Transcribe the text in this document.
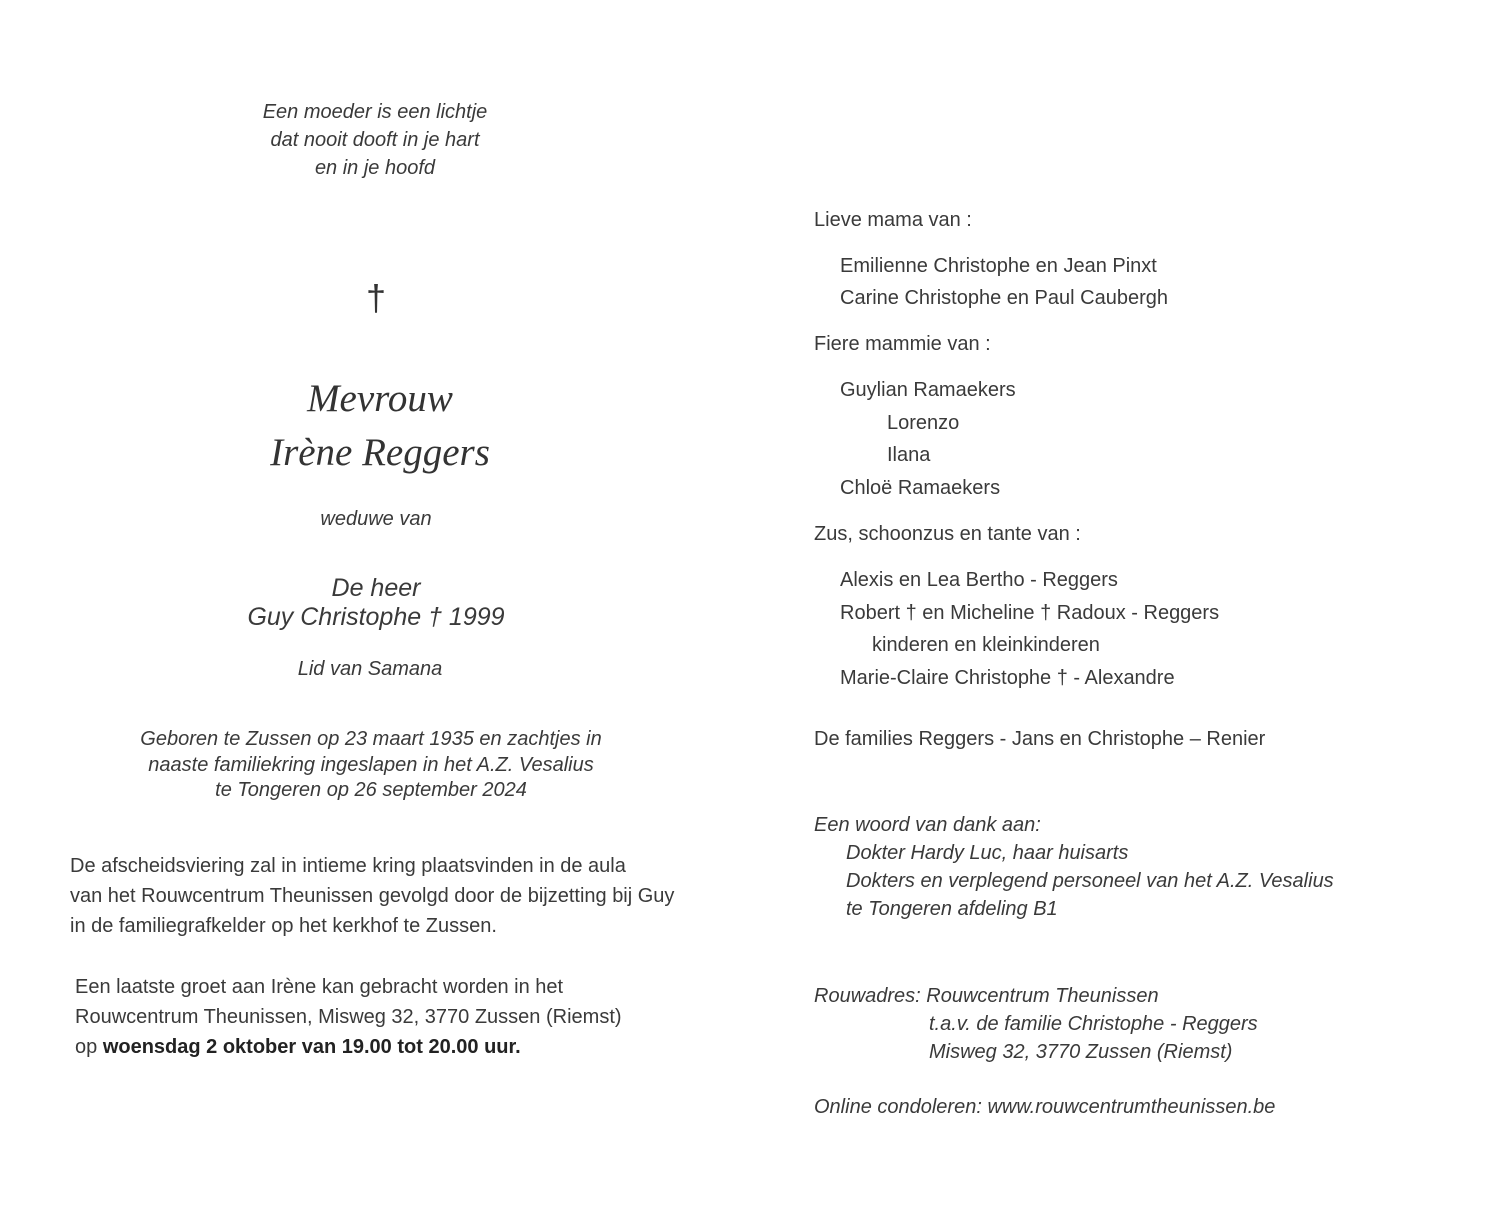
Een moeder is een lichtje
dat nooit dooft in je hart
en in je hoofd
†
Mevrouw
Irène Reggers
weduwe van
De heer
Guy Christophe † 1999
Lid van Samana
Geboren te Zussen op 23 maart 1935 en zachtjes in
naaste familiekring ingeslapen in het A.Z. Vesalius
te Tongeren op 26 september 2024
De afscheidsviering zal in intieme kring plaatsvinden in de aula
van het Rouwcentrum Theunissen gevolgd door de bijzetting bij Guy
in de familiegrafkelder op het kerkhof te Zussen.
Een laatste groet aan Irène kan gebracht worden in het
Rouwcentrum Theunissen, Misweg 32, 3770 Zussen (Riemst)
op woensdag 2 oktober van 19.00 tot 20.00 uur.
Lieve mama van :
Emilienne Christophe en Jean Pinxt
Carine Christophe en Paul Caubergh
Fiere mammie van :
Guylian Ramaekers
Lorenzo
Ilana
Chloë Ramaekers
Zus, schoonzus en tante van :
Alexis en Lea Bertho - Reggers
Robert † en Micheline † Radoux - Reggers
kinderen en kleinkinderen
Marie-Claire Christophe † - Alexandre
De families Reggers - Jans en Christophe – Renier
Een woord van dank aan:
Dokter Hardy Luc, haar huisarts
Dokters en verplegend personeel van het A.Z. Vesalius
te Tongeren afdeling B1
Rouwadres: Rouwcentrum Theunissen
t.a.v. de familie Christophe - Reggers
Misweg 32, 3770 Zussen (Riemst)
Online condoleren: www.rouwcentrumtheunissen.be
